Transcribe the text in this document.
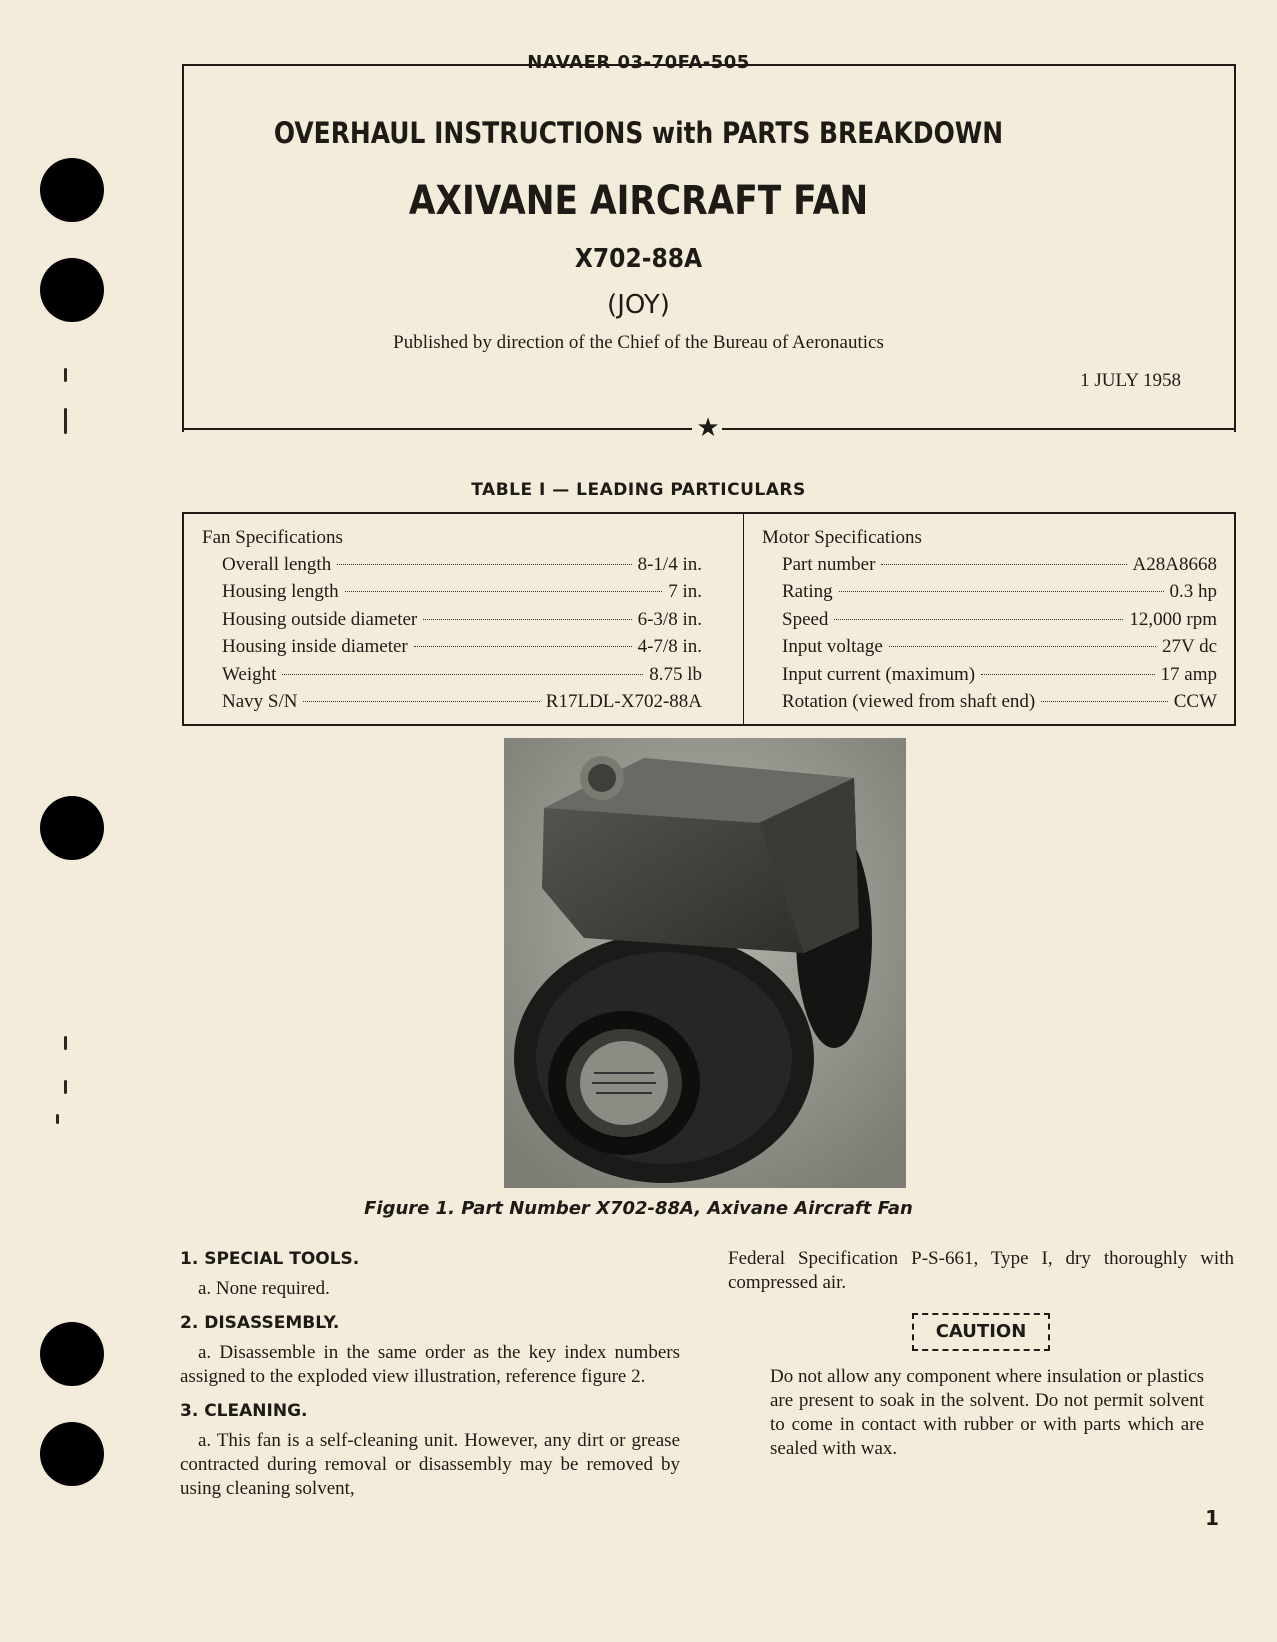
NAVAER 03-70FA-505
★
OVERHAUL INSTRUCTIONS with PARTS BREAKDOWN
AXIVANE AIRCRAFT FAN
X702-88A
(JOY)
Published by direction of the Chief of the Bureau of Aeronautics
1 JULY 1958
TABLE I — LEADING PARTICULARS
Fan Specifications
Overall length	8-1/4 in.
Housing length	7 in.
Housing outside diameter	6-3/8 in.
Housing inside diameter	4-7/8 in.
Weight	8.75 lb
Navy S/N	R17LDL-X702-88A
Motor Specifications
Part number	A28A8668
Rating	0.3 hp
Speed	12,000 rpm
Input voltage	27V dc
Input current (maximum)	17 amp
Rotation (viewed from shaft end)	CCW
Figure 1. Part Number X702-88A, Axivane Aircraft Fan
1. SPECIAL TOOLS.
a. None required.
2. DISASSEMBLY.
a. Disassemble in the same order as the key index numbers assigned to the exploded view illustration, reference figure 2.
3. CLEANING.
a. This fan is a self-cleaning unit. However, any dirt or grease contracted during removal or disassembly may be removed by using cleaning solvent,
Federal Specification P-S-661, Type I, dry thoroughly with compressed air.
CAUTION
Do not allow any component where insulation or plastics are present to soak in the solvent. Do not permit solvent to come in contact with rubber or with parts which are sealed with wax.
1
